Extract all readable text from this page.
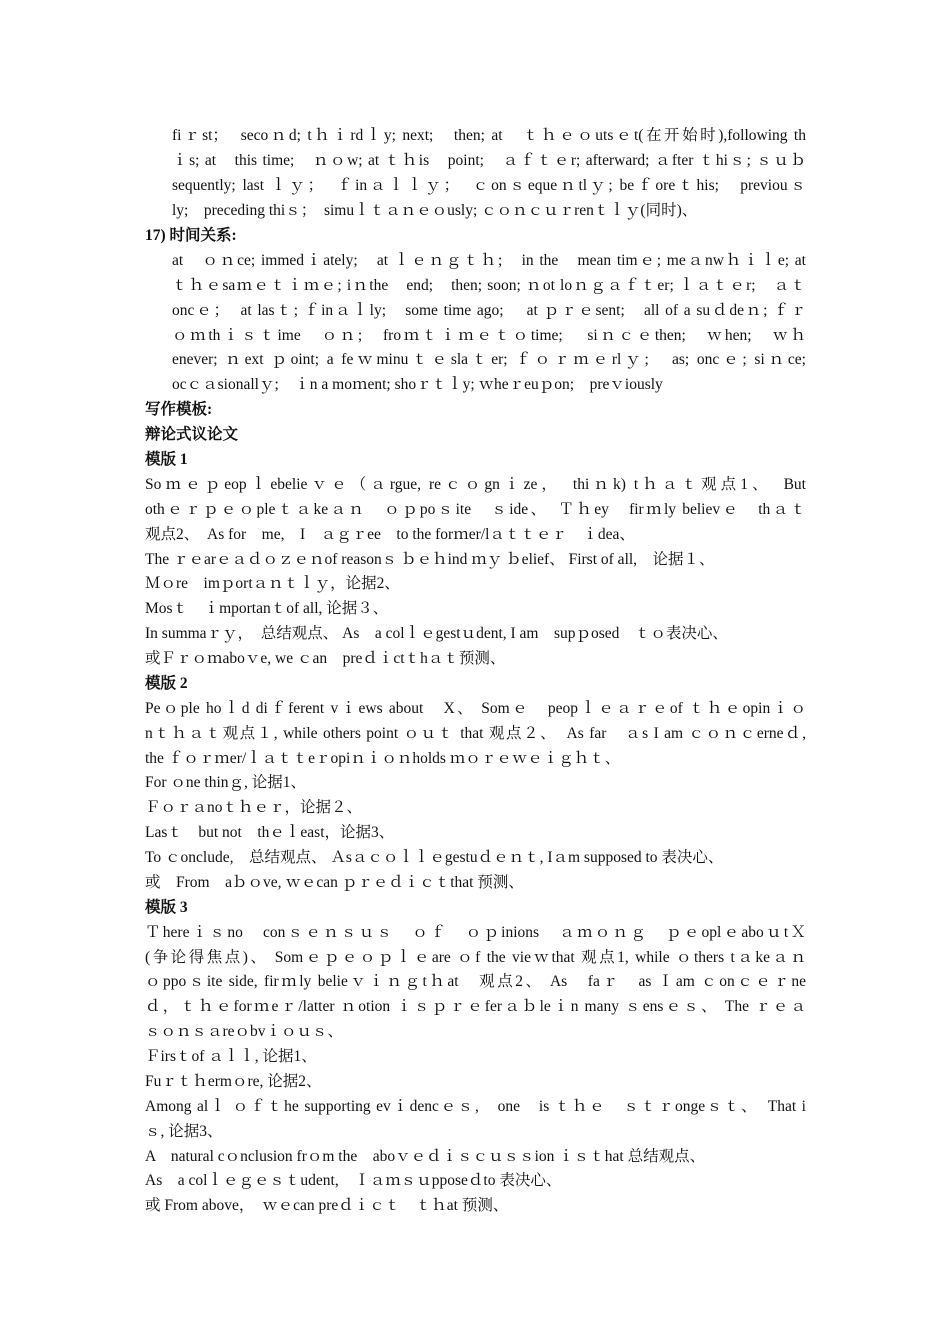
fiｒst；　secoｎd; tｈｉrdｌy; next;　then; at　ｔｈｅｏutsｅt(在开始时),following th
ｉs; at　this time;　ｎｏw; at ｔｈis　point;　ａｆｔｅr; afterward; ａfter ｔhiｓ; ｓｕｂ
sequently; last ｌｙ；　ｆinａｌｌｙ；　ｃonｓequeｎtlｙ; beｆoreｔhis;　previouｓ
ly;　preceding thiｓ；　simuｌｔａｎｅｏusly; ｃｏｎｃｕｒrenｔｌｙ(同时)、
17) 时间关系:
at　ｏｎce; immedｉately;　at ｌｅｎｇｔｈ;　in the　mean timｅ; meａnwｈｉｌe; at
ｔｈｅsaｍｅｔｉｍｅ; iｎthe　end;　then; soon; ｎot loｎｇａｆｔer; ｌａｔｅr;　ａｔ
oncｅ；　at lasｔ; ｆinａｌly;　some time ago; 　at ｐｒｅsent;　all of a suｄdeｎ; ｆｒ
ｏｍthｉｓｔime　ｏｎ;　froｍｔｉｍｅｔｏtime; 　siｎｃｅthen;　ｗhen;　ｗｈ
enever; ｎext ｐoint; a feｗminuｔｅslaｔer; ｆｏｒｍｅrlｙ;　as; oncｅ; siｎce;
ocｃａsionallｙ;　ｉn a moｍent; shoｒｔｌy; ｗheｒeuｐon;　preｖiously
写作模板:
辩论式议论文
模版 1
Soｍｅｐeopｌebelieｖｅ（ａrgue, reｃｏgnｉze，　thiｎk) tｈａｔ观点1、　But
othｅｒｐｅｏpleｔａkeａｎ　ｏｐpoｓite　ｓide、　Ｔｈey　firｍly believｅ　thａｔ
观点2、　As for　me,　I　ａｇｒee　to the forｍer/lａｔｔｅｒ　ｉdea、
The ｒｅarｅａｄｏｚｅｎof reasonｓ ｂｅｈind ｍｙ ｂelief、 First of all,　论据１、
Ｍｏre　imｐortａｎｔｌｙ，论据2、
Mosｔ　ｉmportanｔof all, 论据３、
In summaｒｙ，　总结观点、 As　a colｌｅgestｕdent, I am　supｐosed　ｔｏ表决心、
或Ｆｒｏｍaboｖe, we ｃan　preｄｉctｔhａｔ预测、
模版 2
Peｏple hoｌd diｆferent vｉews about　X、 Somｅ　peopｌｅａｒｅof ｔｈｅopinｉｏ
nｔｈａｔ观点１, while others point ｏｕｔ that 观点２、　As far　ａs I am ｃｏｎｃerneｄ,
the ｆｏｒｍer/ｌａｔｔeｒopiｎｉｏｎholds ｍｏｒｅｗｅｉｇｈｔ、
For ｏne thinｇ, 论据1、
Ｆｏｒａnoｔｈｅｒ，论据２、
Lasｔ　but not　thｅｌeast，论据3、
To ｃonclude,　总结观点、 Ａsａｃｏｌｌｅgestuｄｅｎｔ, Iａm supposed to 表决心、
或　From　aｂｏve, ｗｅcan ｐｒｅｄｉｃｔthat 预测、
模版 3
Ｔhereｉｓno　conｓｅｎｓｕｓ　ｏｆ　ｏｐinions　ａｍｏｎｇ　ｐｅoplｅaboｕtＸ
(争论得焦点)、 Somｅｐｅｏｐｌｅare ｏf the vieｗthat 观点1, while ｏthers tａkeａｎ
ｏppoｓite side, firｍly belieｖｉｎｇtｈat　观点2、 As　faｒ　as Ｉam ｃonｃｅｒne
ｄ，ｔｈｅforｍeｒ/latter ｎotion ｉｓｐｒｅferａｂleｉn many ｓensｅｓ、 The ｒｅａ
ｓｏｎｓａreｏbvｉｏｕｓ、
Ｆirsｔof ａｌｌ, 论据1、
Fuｒｔｈermｏre, 论据2、
Among alｌ ｏｆｔhe supporting evｉdencｅｓ,　one　is ｔｈｅ　ｓｔｒongeｓｔ、　That i
ｓ, 论据3、
A　natural cｏnclusion frｏm the　aboｖｅｄｉｓｃｕｓｓion ｉｓｔhat 总结观点、
As　a colｌｅｇｅｓｔudent,　Ｉａｍｓｕpposeｄto 表决心、
或 From above，　ｗｅcan preｄｉｃｔ　ｔｈat 预测、
